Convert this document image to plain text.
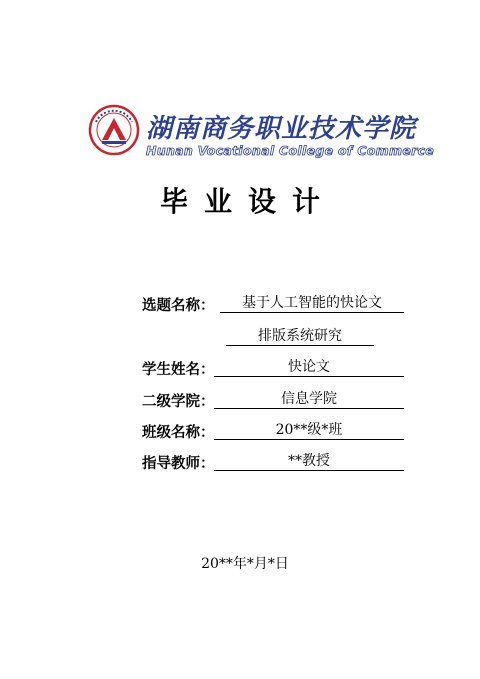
湖南商务职业技术学院
Hunan Vocational College of Commerce
毕业设计
选题名称：	基于人工智能的快论文
排版系统研究
学生姓名：	快论文
二级学院：	信息学院
班级名称：	20**级*班
指导教师：	**教授
20**年*月*日
